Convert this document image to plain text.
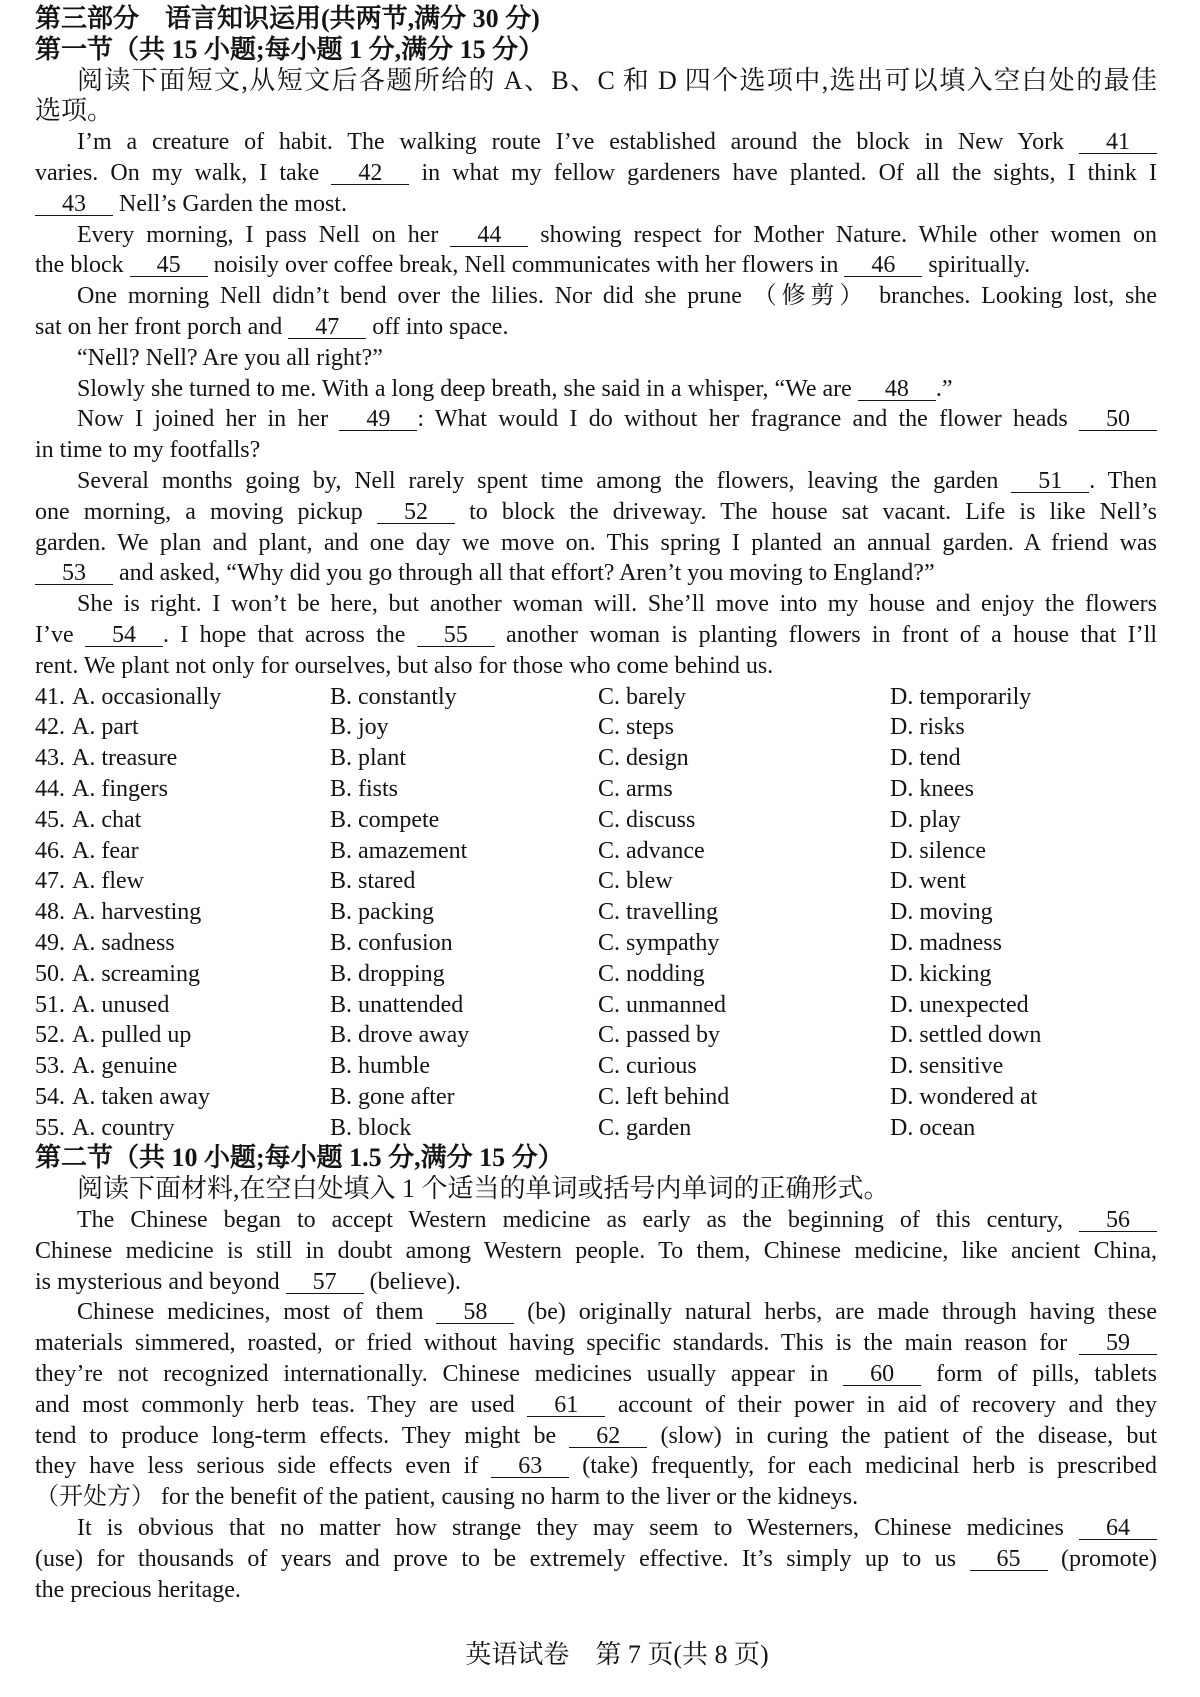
第三部分　语言知识运用(共两节,满分 30 分)
第一节（共 15 小题;每小题 1 分,满分 15 分）
阅读下面短文,从短文后各题所给的 A、B、C 和 D 四个选项中,选出可以填入空白处的最佳
选项。
I’m a creature of habit. The walking route I’ve established around the block in New York 41
varies. On my walk, I take 42 in what my fellow gardeners have planted. Of all the sights, I think I
43 Nell’s Garden the most.
Every morning, I pass Nell on her 44 showing respect for Mother Nature. While other women on
the block 45 noisily over coffee break, Nell communicates with her flowers in 46 spiritually.
One morning Nell didn’t bend over the lilies. Nor did she prune （修剪） branches. Looking lost, she
sat on her front porch and 47 off into space.
“Nell? Nell? Are you all right?”
Slowly she turned to me. With a long deep breath, she said in a whisper, “We are 48 .”
Now I joined her in her 49 : What would I do without her fragrance and the flower heads 50
in time to my footfalls?
Several months going by, Nell rarely spent time among the flowers, leaving the garden 51 . Then
one morning, a moving pickup 52 to block the driveway. The house sat vacant. Life is like Nell’s
garden. We plan and plant, and one day we move on. This spring I planted an annual garden. A friend was
53 and asked, “Why did you go through all that effort? Aren’t you moving to England?”
She is right. I won’t be here, but another woman will. She’ll move into my house and enjoy the flowers
I’ve 54 . I hope that across the 55 another woman is planting flowers in front of a house that I’ll
rent. We plant not only for ourselves, but also for those who come behind us.
41. A. occasionally	B. constantly	C. barely	D. temporarily
42. A. part	B. joy	C. steps	D. risks
43. A. treasure	B. plant	C. design	D. tend
44. A. fingers	B. fists	C. arms	D. knees
45. A. chat	B. compete	C. discuss	D. play
46. A. fear	B. amazement	C. advance	D. silence
47. A. flew	B. stared	C. blew	D. went
48. A. harvesting	B. packing	C. travelling	D. moving
49. A. sadness	B. confusion	C. sympathy	D. madness
50. A. screaming	B. dropping	C. nodding	D. kicking
51. A. unused	B. unattended	C. unmanned	D. unexpected
52. A. pulled up	B. drove away	C. passed by	D. settled down
53. A. genuine	B. humble	C. curious	D. sensitive
54. A. taken away	B. gone after	C. left behind	D. wondered at
55. A. country	B. block	C. garden	D. ocean
第二节（共 10 小题;每小题 1.5 分,满分 15 分）
阅读下面材料,在空白处填入 1 个适当的单词或括号内单词的正确形式。
The Chinese began to accept Western medicine as early as the beginning of this century, 56
Chinese medicine is still in doubt among Western people. To them, Chinese medicine, like ancient China,
is mysterious and beyond 57 (believe).
Chinese medicines, most of them 58 (be) originally natural herbs, are made through having these
materials simmered, roasted, or fried without having specific standards. This is the main reason for 59
they’re not recognized internationally. Chinese medicines usually appear in 60 form of pills, tablets
and most commonly herb teas. They are used 61 account of their power in aid of recovery and they
tend to produce long-term effects. They might be 62 (slow) in curing the patient of the disease, but
they have less serious side effects even if 63 (take) frequently, for each medicinal herb is prescribed
（开处方） for the benefit of the patient, causing no harm to the liver or the kidneys.
It is obvious that no matter how strange they may seem to Westerners, Chinese medicines 64
(use) for thousands of years and prove to be extremely effective. It’s simply up to us 65 (promote)
the precious heritage.
英语试卷　第 7 页(共 8 页)
